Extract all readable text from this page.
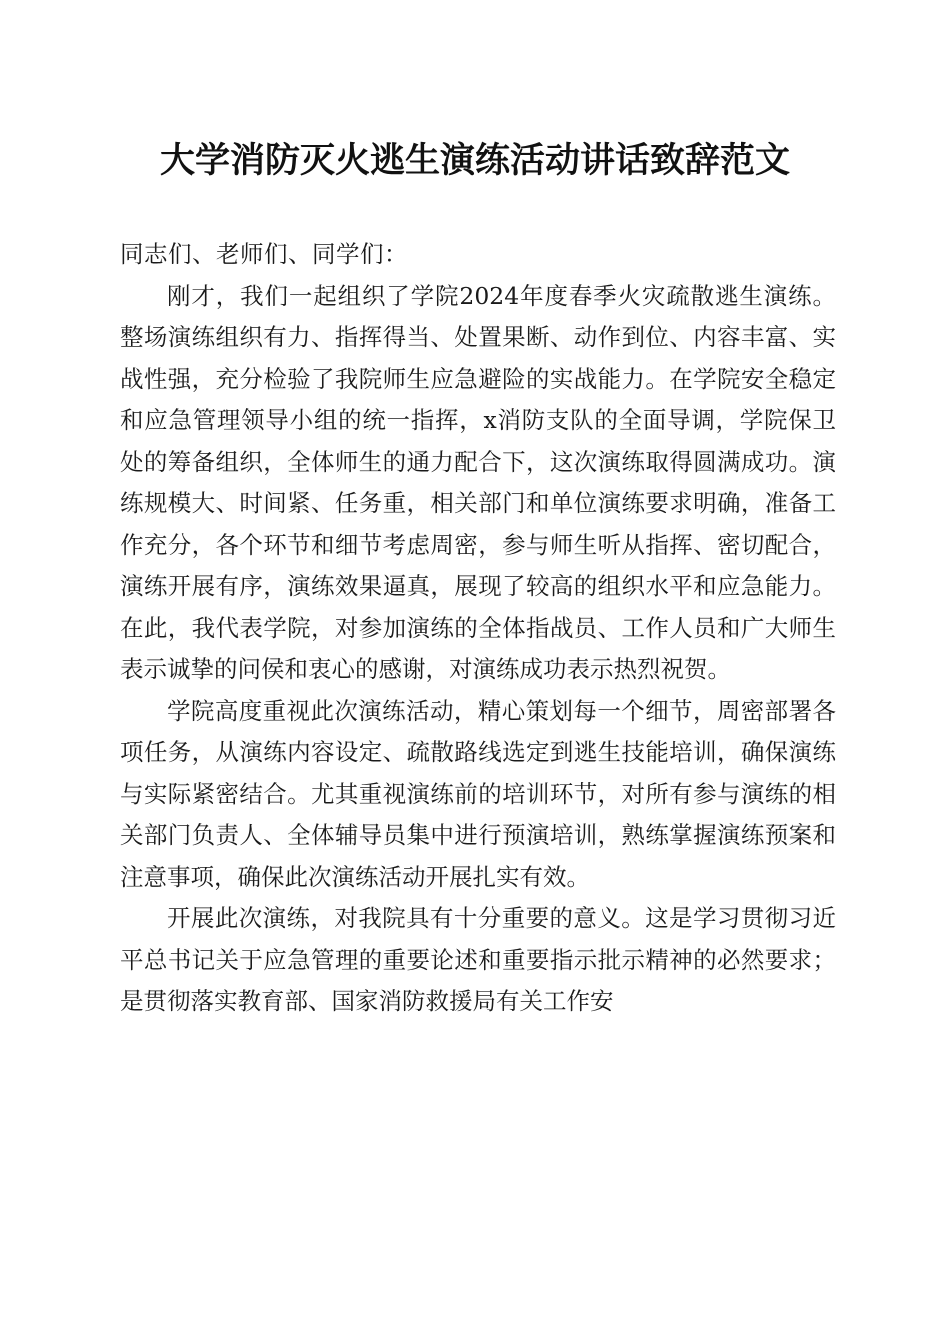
大学消防灭火逃生演练活动讲话致辞范文

同志们、老师们、同学们：

刚才，我们一起组织了学院2024年度春季火灾疏散逃生演练。整场演练组织有力、指挥得当、处置果断、动作到位、内容丰富、实战性强，充分检验了我院师生应急避险的实战能力。在学院安全稳定和应急管理领导小组的统一指挥，x消防支队的全面导调，学院保卫处的筹备组织，全体师生的通力配合下，这次演练取得圆满成功。演练规模大、时间紧、任务重，相关部门和单位演练要求明确，准备工作充分，各个环节和细节考虑周密，参与师生听从指挥、密切配合，演练开展有序，演练效果逼真，展现了较高的组织水平和应急能力。在此，我代表学院，对参加演练的全体指战员、工作人员和广大师生表示诚挚的问侯和衷心的感谢，对演练成功表示热烈祝贺。

学院高度重视此次演练活动，精心策划每一个细节，周密部署各项任务，从演练内容设定、疏散路线选定到逃生技能培训，确保演练与实际紧密结合。尤其重视演练前的培训环节，对所有参与演练的相关部门负责人、全体辅导员集中进行预演培训，熟练掌握演练预案和注意事项，确保此次演练活动开展扎实有效。

开展此次演练，对我院具有十分重要的意义。这是学习贯彻习近平总书记关于应急管理的重要论述和重要指示批示精神的必然要求；是贯彻落实教育部、国家消防救援局有关工作安
